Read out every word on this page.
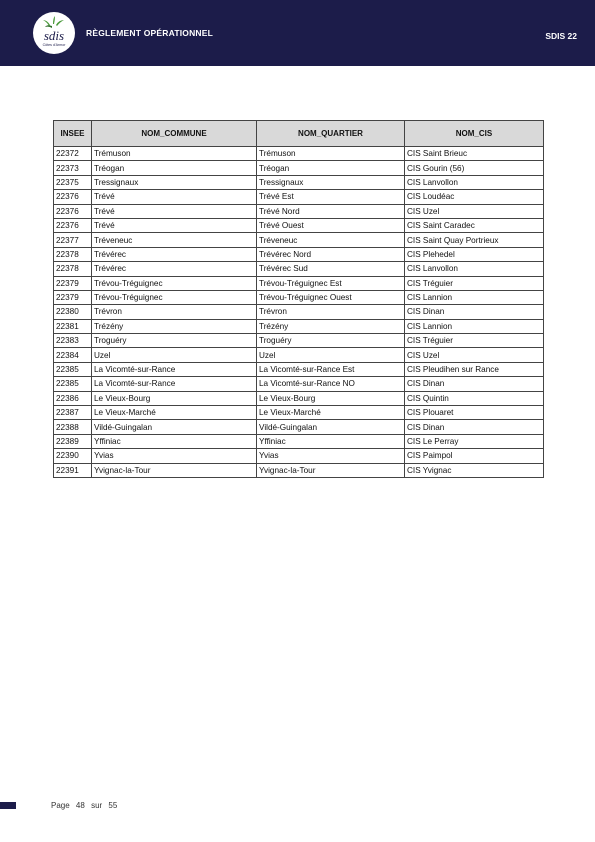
sdis
Côtes d'Armor
RÈGLEMENT OPÉRATIONNEL	SDIS 22
INSEE	NOM_COMMUNE	NOM_QUARTIER	NOM_CIS
22372	Trémuson	Trémuson	CIS Saint Brieuc
22373	Tréogan	Tréogan	CIS Gourin (56)
22375	Tressignaux	Tressignaux	CIS Lanvollon
22376	Trévé	Trévé Est	CIS Loudéac
22376	Trévé	Trévé Nord	CIS Uzel
22376	Trévé	Trévé Ouest	CIS Saint Caradec
22377	Tréveneuc	Tréveneuc	CIS Saint Quay Portrieux
22378	Trévérec	Trévérec Nord	CIS Plehedel
22378	Trévérec	Trévérec Sud	CIS Lanvollon
22379	Trévou-Tréguignec	Trévou-Tréguignec Est	CIS Tréguier
22379	Trévou-Tréguignec	Trévou-Tréguignec Ouest	CIS Lannion
22380	Trévron	Trévron	CIS Dinan
22381	Trézény	Trézény	CIS Lannion
22383	Troguéry	Troguéry	CIS Tréguier
22384	Uzel	Uzel	CIS Uzel
22385	La Vicomté-sur-Rance	La Vicomté-sur-Rance Est	CIS Pleudihen sur Rance
22385	La Vicomté-sur-Rance	La Vicomté-sur-Rance NO	CIS Dinan
22386	Le Vieux-Bourg	Le Vieux-Bourg	CIS Quintin
22387	Le Vieux-Marché	Le Vieux-Marché	CIS Plouaret
22388	Vildé-Guingalan	Vildé-Guingalan	CIS Dinan
22389	Yffiniac	Yffiniac	CIS Le Perray
22390	Yvias	Yvias	CIS Paimpol
22391	Yvignac-la-Tour	Yvignac-la-Tour	CIS Yvignac
Page 48 sur 55
